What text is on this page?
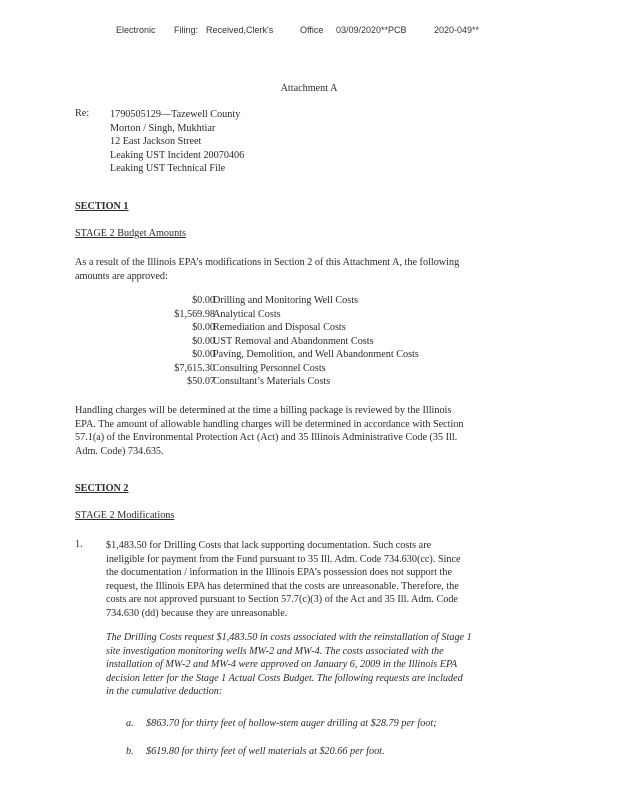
Electronic Filing: Received,Clerk's	Office 03/09/2020**PCB	2020-049**
Attachment A
Re: 1790505129—Tazewell County
Morton / Singh, Mukhtiar
12 East Jackson Street
Leaking UST Incident 20070406
Leaking UST Technical File
SECTION 1
STAGE 2 Budget Amounts
As a result of the Illinois EPA’s modifications in Section 2 of this Attachment A, the following
amounts are approved:
$0.00
Drilling and Monitoring Well Costs
$1,569.98
Analytical Costs
$0.00
Remediation and Disposal Costs
$0.00
UST Removal and Abandonment Costs
$0.00
Paving, Demolition, and Well Abandonment Costs
$7,615.30
Consulting Personnel Costs
$50.07
Consultant’s Materials Costs
Handling charges will be determined at the time a billing package is reviewed by the Illinois
EPA. The amount of allowable handling charges will be determined in accordance with Section
57.1(a) of the Environmental Protection Act (Act) and 35 Illinois Administrative Code (35 Ill.
Adm. Code) 734.635.
SECTION 2
STAGE 2 Modifications
1. $1,483.50 for Drilling Costs that lack supporting documentation. Such costs are
ineligible for payment from the Fund pursuant to 35 Ill. Adm. Code 734.630(cc). Since
the documentation / information in the Illinois EPA’s possession does not support the
request, the Illinois EPA has determined that the costs are unreasonable. Therefore, the
costs are not approved pursuant to Section 57.7(c)(3) of the Act and 35 Ill. Adm. Code
734.630 (dd) because they are unreasonable.
The Drilling Costs request $1,483.50 in costs associated with the reinstallation of Stage 1
site investigation monitoring wells MW-2 and MW-4. The costs associated with the
installation of MW-2 and MW-4 were approved on January 6, 2009 in the Illinois EPA
decision letter for the Stage 1 Actual Costs Budget. The following requests are included
in the cumulative deduction:
a. $863.70 for thirty feet of hollow-stem auger drilling at $28.79 per foot;
b. $619.80 for thirty feet of well materials at $20.66 per foot.
